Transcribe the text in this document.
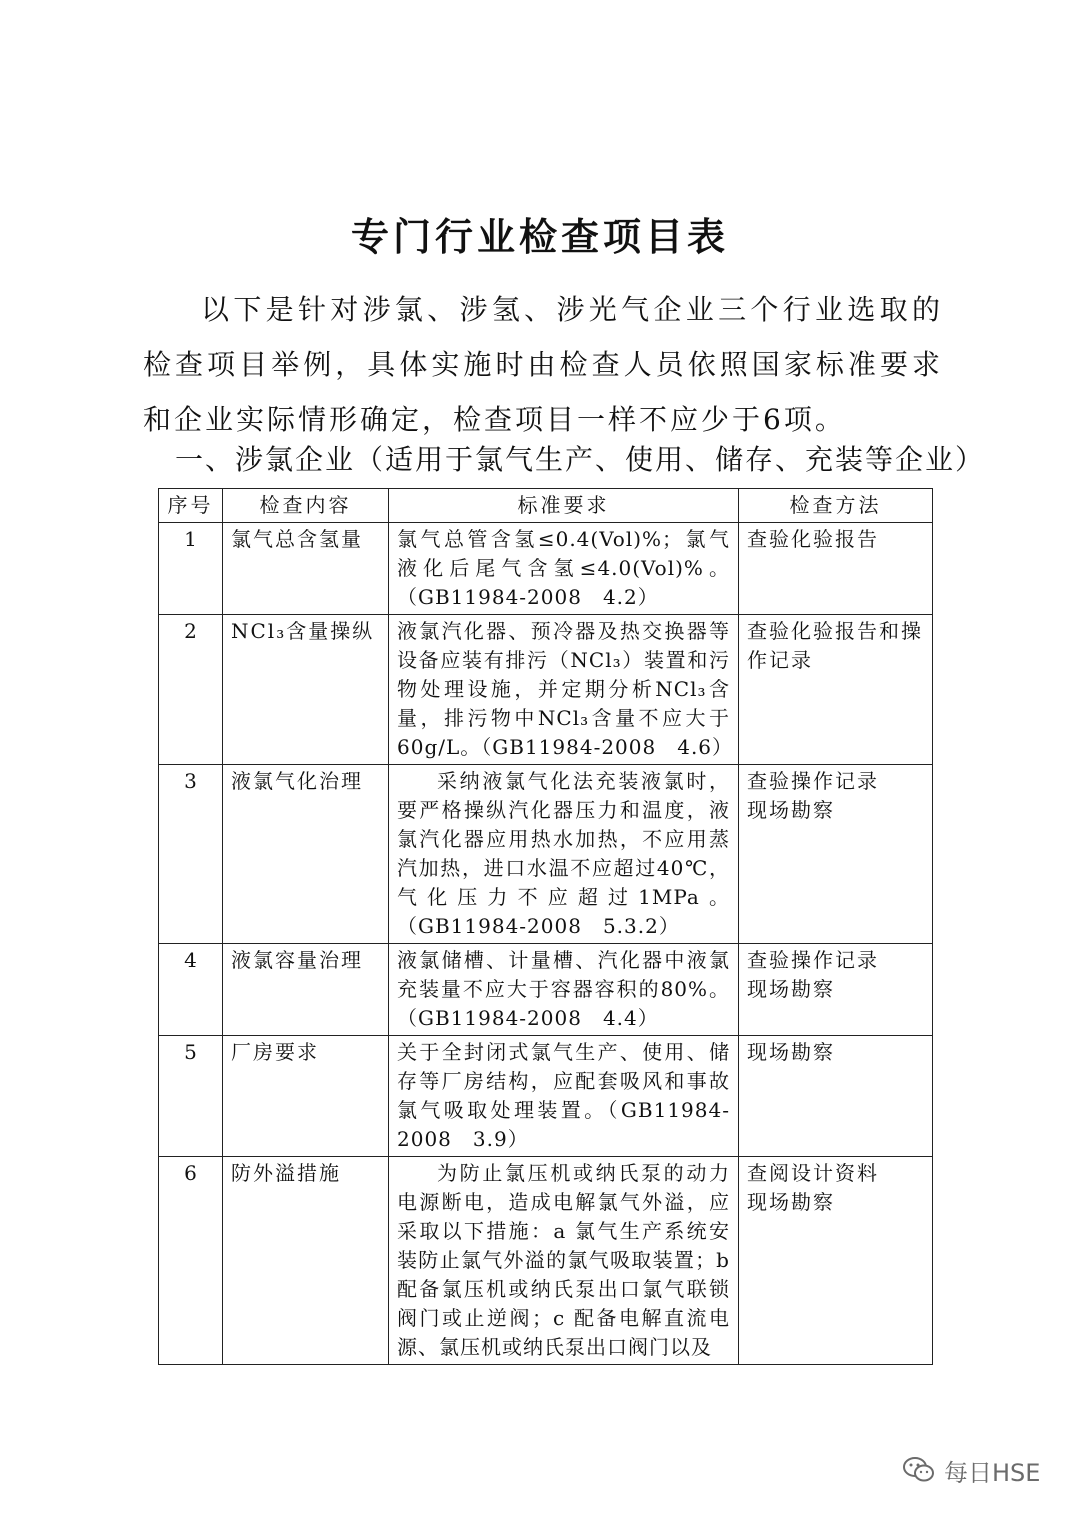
专门行业检查项目表

以下是针对涉氯、涉氢、涉光气企业三个行业选取的检查项目举例，具体实施时由检查人员依照国家标准要求和企业实际情形确定，检查项目一样不应少于6项。

一、涉氯企业（适用于氯气生产、使用、储存、充装等企业）

序号	检查内容	标准要求	检查方法
1	氯气总含氢量	氯气总管含氢≤0.4(Vol)%；氯气液化后尾气含氢≤4.0(Vol)%。（GB11984-2008　4.2）	查验化验报告
2	NCl₃含量操纵	液氯汽化器、预冷器及热交换器等设备应装有排污（NCl₃）装置和污物处理设施，并定期分析NCl₃含量，排污物中NCl₃含量不应大于60g/L。（GB11984-2008　4.6）	查验化验报告和操作记录
3	液氯气化治理	采纳液氯气化法充装液氯时，要严格操纵汽化器压力和温度，液氯汽化器应用热水加热，不应用蒸汽加热，进口水温不应超过40℃，气化压力不应超过1MPa。（GB11984-2008　5.3.2）	查验操作记录
现场勘察
4	液氯容量治理	液氯储槽、计量槽、汽化器中液氯充装量不应大于容器容积的80%。（GB11984-2008　4.4）	查验操作记录
现场勘察
5	厂房要求	关于全封闭式氯气生产、使用、储存等厂房结构，应配套吸风和事故氯气吸取处理装置。（GB11984-2008　3.9）	现场勘察
6	防外溢措施	为防止氯压机或纳氏泵的动力电源断电，造成电解氯气外溢，应采取以下措施：a 氯气生产系统安装防止氯气外溢的氯气吸取装置；b 配备氯压机或纳氏泵出口氯气联锁阀门或止逆阀；c 配备电解直流电源、氯压机或纳氏泵出口阀门以及	查阅设计资料
现场勘察
每日HSE
